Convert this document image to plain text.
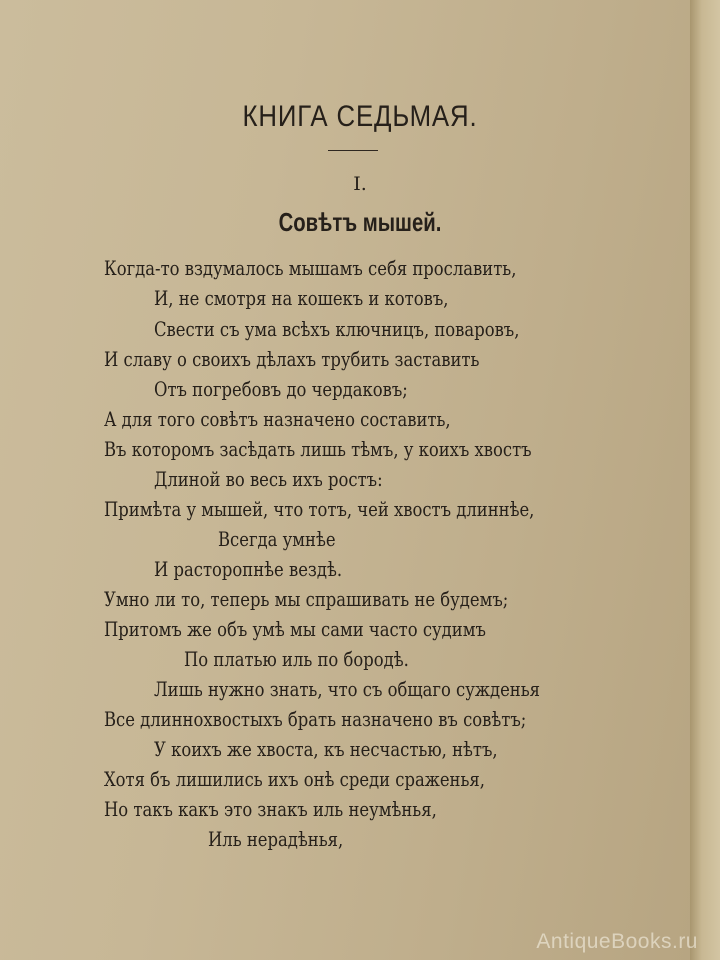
КНИГА СЕДЬМАЯ.
I.
Совѣтъ мышей.
Когда-то вздумалось мышамъ себя прославить,
И, не смотря на кошекъ и котовъ,
Свести съ ума всѣхъ ключницъ, поваровъ,
И славу о своихъ дѣлахъ трубить заставить
Отъ погребовъ до чердаковъ;
А для того совѣтъ назначено составить,
Въ которомъ засѣдать лишь тѣмъ, у коихъ хвостъ
Длиной во весь ихъ ростъ:
Примѣта у мышей, что тотъ, чей хвостъ длиннѣе,
Всегда умнѣе
И расторопнѣе вездѣ.
Умно ли то, теперь мы спрашивать не будемъ;
Притомъ же объ умѣ мы сами часто судимъ
По платью иль по бородѣ.
Лишь нужно знать, что съ общаго сужденья
Все длиннохвостыхъ брать назначено въ совѣтъ;
У коихъ же хвоста, къ несчастью, нѣтъ,
Хотя бъ лишились ихъ онѣ среди сраженья,
Но такъ какъ это знакъ иль неумѣнья,
Иль нерадѣнья,
AntiqueBooks.ru
